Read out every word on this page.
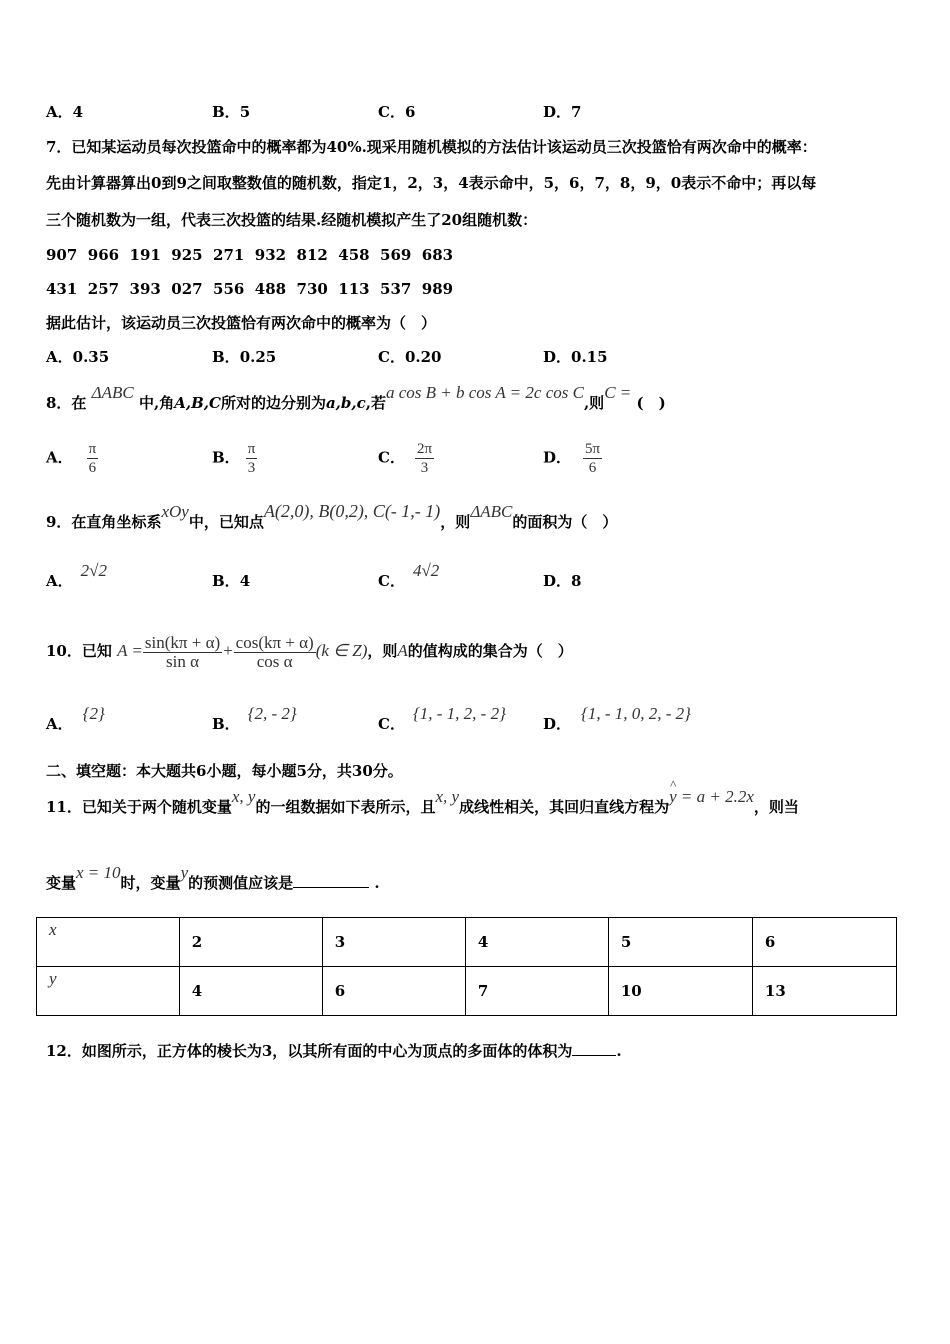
A．4	B．5	C．6	D．7
7．已知某运动员每次投篮命中的概率都为40%.现采用随机模拟的方法估计该运动员三次投篮恰有两次命中的概率：
先由计算器算出0到9之间取整数值的随机数，指定1，2，3，4表示命中，5，6，7，8，9，0表示不命中；再以每
三个随机数为一组，代表三次投篮的结果.经随机模拟产生了20组随机数：
907  966  191  925  271  932  812  458  569  683
431  257  393  027  556  488  730  113  537  989
据此估计，该运动员三次投篮恰有两次命中的概率为（　）
A．0.35	B．0.25	C．0.20	D．0.15
8．在 ΔABC 中,角A,B,C所对的边分别为a,b,c,若a cos B + b cos A = 2c cos C,则C = (　)
A． $\frac{\pi}{6}$	B． $\frac{\pi}{3}$	C． $\frac{2\pi}{3}$	D． $\frac{5\pi}{6}$
9．在直角坐标系xOy中，已知点A(2,0), B(0,2), C(- 1,- 1)，则ΔABC的面积为（　）
A．2√2
B．4	C．4√2
D．8
10．已知 $A = \frac{\sin(k\pi + \alpha)}{\text{sin α}} + \frac{\cos(k\pi + \alpha)}{\text{cos α}} (k$ ∈ Z)，则A的值构成的集合为（　）
A．{2}
B．{2, - 2}
C．{1, - 1, 2, - 2}
D．{1, - 1, 0, 2, - 2}
二、填空题：本大题共6小题，每小题5分，共30分。
11．已知关于两个随机变量x, y的一组数据如下表所示，且x, y成线性相关，其回归直线方程为^ y = a + 2.2x，则当
变量x = 10时，变量y的预测值应该是	.
x	2	3	4	5	6
y	4	6	7	10	13
12．如图所示，正方体的棱长为3，以其所有面的中心为顶点的多面体的体积为	.
